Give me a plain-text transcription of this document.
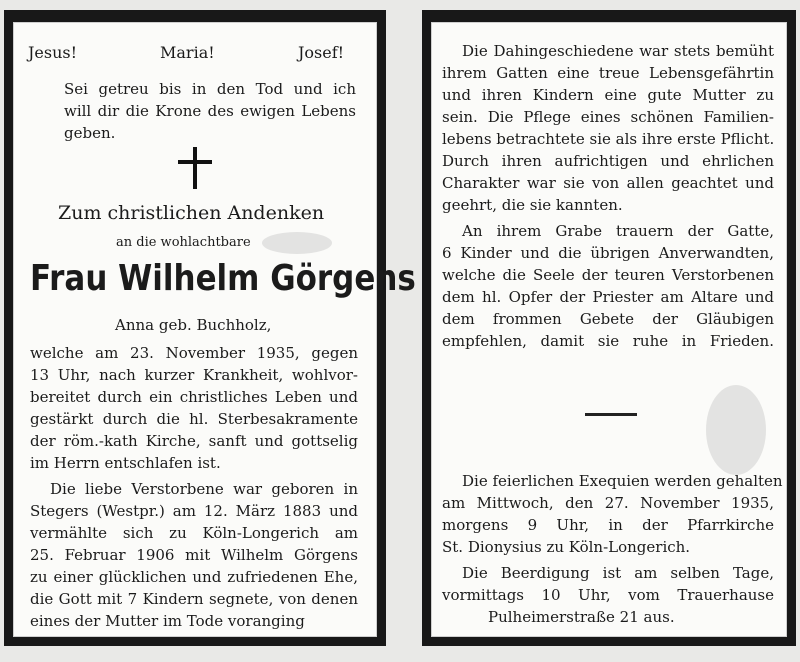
Jesus!	Maria!	Josef!
Sei getreu bis in den Tod und ich
will dir die Krone des ewigen Lebens
geben.
Zum christlichen Andenken
an die wohlachtbare
Frau Wilhelm Görgens
Anna geb. Buchholz,
welche am 23. November 1935, gegen
13 Uhr, nach kurzer Krankheit, wohlvor-
bereitet durch ein christliches Leben und
gestärkt durch die hl. Sterbesakramente
der röm.-kath Kirche, sanft und gottselig
im Herrn entschlafen ist.
Die liebe Verstorbene war geboren in
Stegers (Westpr.) am 12. März 1883 und
vermählte sich zu Köln-Longerich am
25. Februar 1906 mit Wilhelm Görgens
zu einer glücklichen und zufriedenen Ehe,
die Gott mit 7 Kindern segnete, von denen
eines der Mutter im Tode voranging
Die Dahingeschiedene war stets bemüht
ihrem Gatten eine treue Lebensgefährtin
und ihren Kindern eine gute Mutter zu
sein. Die Pflege eines schönen Familien-
lebens betrachtete sie als ihre erste Pflicht.
Durch ihren aufrichtigen und ehrlichen
Charakter war sie von allen geachtet und
geehrt, die sie kannten.
An ihrem Grabe trauern der Gatte,
6 Kinder und die übrigen Anverwandten,
welche die Seele der teuren Verstorbenen
dem hl. Opfer der Priester am Altare und
dem frommen Gebete der Gläubigen
empfehlen, damit sie ruhe in Frieden.
Die feierlichen Exequien werden gehalten
am Mittwoch, den 27. November 1935,
morgens 9 Uhr, in der Pfarrkirche
St. Dionysius zu Köln-Longerich.
Die Beerdigung ist am selben Tage,
vormittags 10 Uhr, vom Trauerhause
Pulheimerstraße 21 aus.
